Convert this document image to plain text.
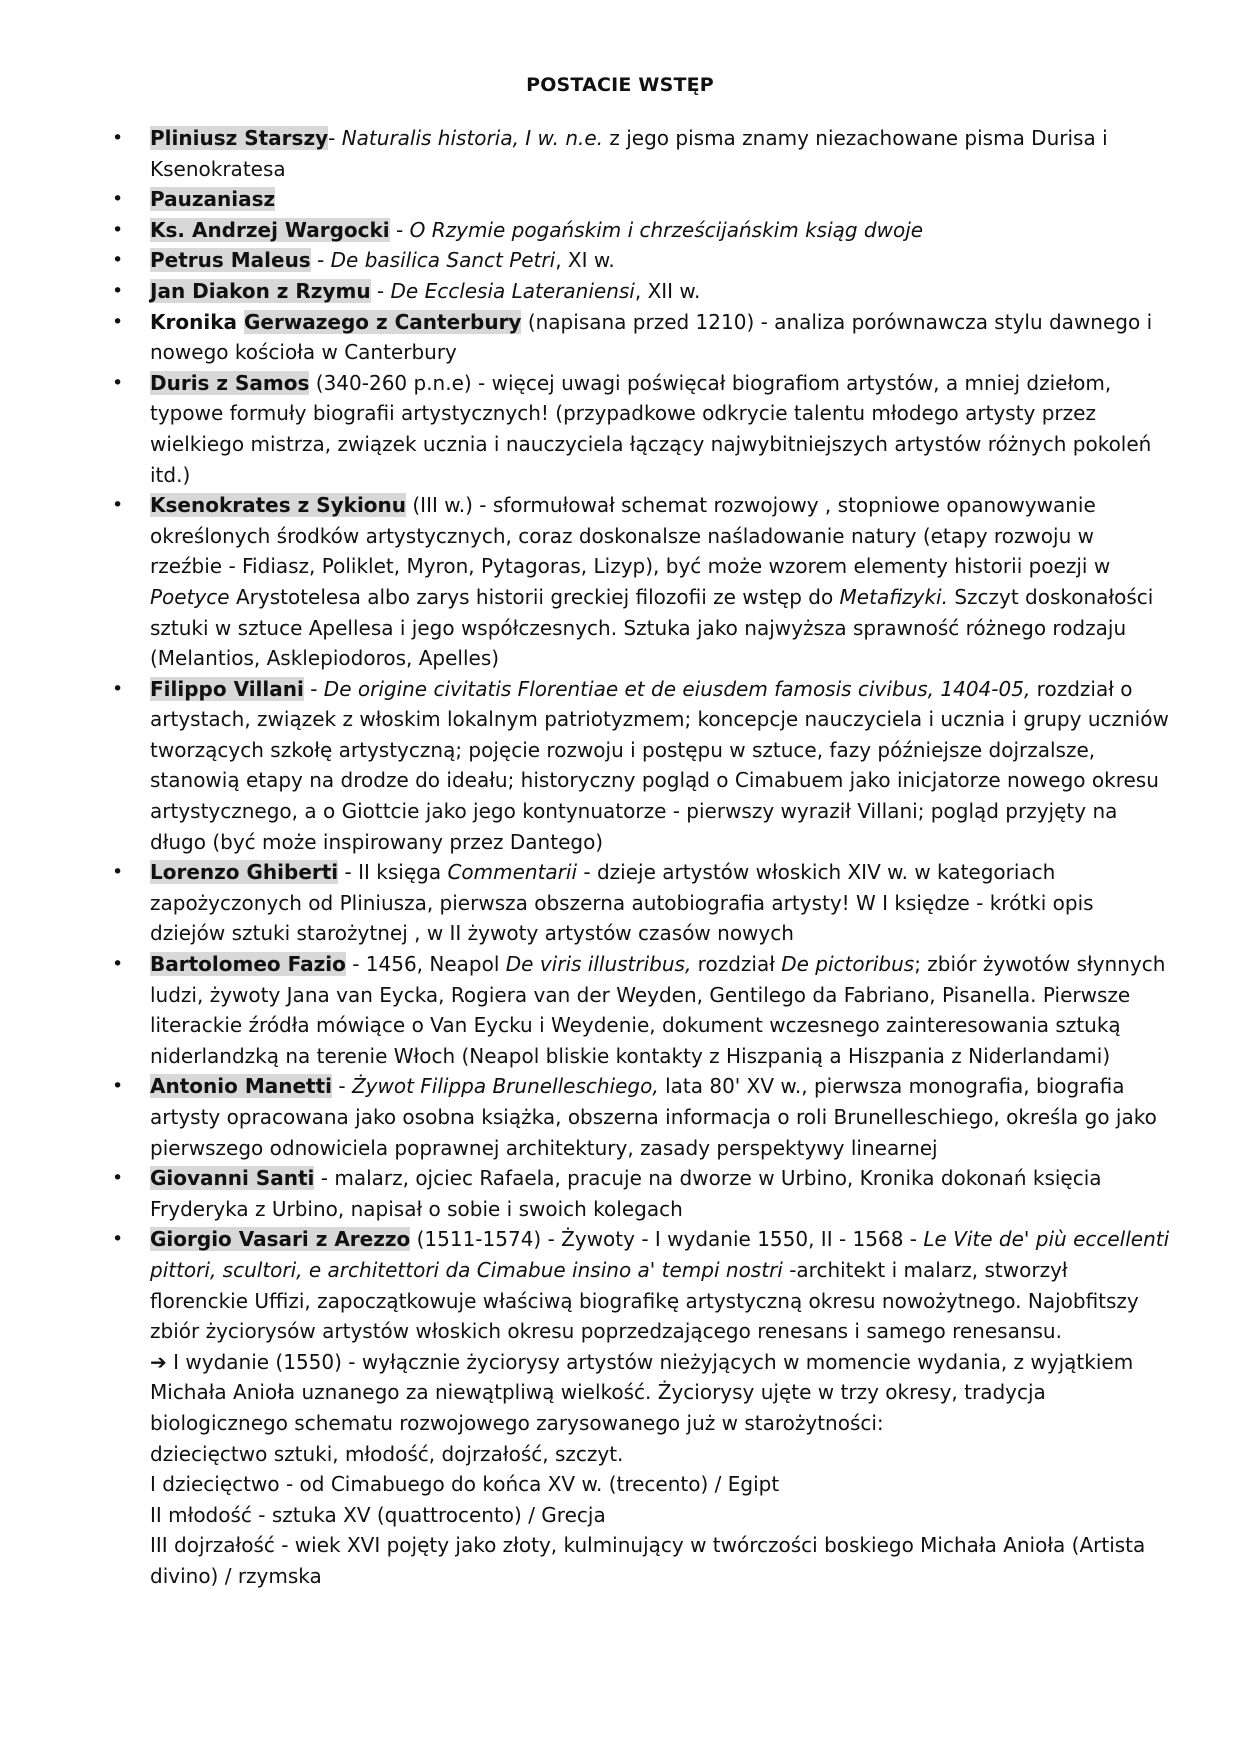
POSTACIE WSTĘP
• Pliniusz Starszy- Naturalis historia, I w. n.e. z jego pisma znamy niezachowane pisma Durisa i Ksenokratesa
• Pauzaniasz
• Ks. Andrzej Wargocki - O Rzymie pogańskim i chrześcijańskim ksiąg dwoje
• Petrus Maleus - De basilica Sanct Petri, XI w.
• Jan Diakon z Rzymu - De Ecclesia Lateraniensi, XII w.
• Kronika Gerwazego z Canterbury (napisana przed 1210) - analiza porównawcza stylu dawnego i nowego kościoła w Canterbury
• Duris z Samos (340-260 p.n.e) - więcej uwagi poświęcał biografiom artystów, a mniej dziełom, typowe formuły biografii artystycznych! (przypadkowe odkrycie talentu młodego artysty przez wielkiego mistrza, związek ucznia i nauczyciela łączący najwybitniejszych artystów różnych pokoleń itd.)
• Ksenokrates z Sykionu (III w.) - sformułował schemat rozwojowy , stopniowe opanowywanie określonych środków artystycznych, coraz doskonalsze naśladowanie natury (etapy rozwoju w rzeźbie - Fidiasz, Poliklet, Myron, Pytagoras, Lizyp), być może wzorem elementy historii poezji w Poetyce Arystotelesa albo zarys historii greckiej filozofii ze wstęp do Metafizyki. Szczyt doskonałości sztuki w sztuce Apellesa i jego współczesnych. Sztuka jako najwyższa sprawność różnego rodzaju (Melantios, Asklepiodoros, Apelles)
• Filippo Villani - De origine civitatis Florentiae et de eiusdem famosis civibus, 1404-05, rozdział o artystach, związek z włoskim lokalnym patriotyzmem; koncepcje nauczyciela i ucznia i grupy uczniów tworzących szkołę artystyczną; pojęcie rozwoju i postępu w sztuce, fazy późniejsze dojrzalsze, stanowią etapy na drodze do ideału; historyczny pogląd o Cimabuem jako inicjatorze nowego okresu artystycznego, a o Giottcie jako jego kontynuatorze - pierwszy wyraził Villani; pogląd przyjęty na długo (być może inspirowany przez Dantego)
• Lorenzo Ghiberti - II księga Commentarii - dzieje artystów włoskich XIV w. w kategoriach zapożyczonych od Pliniusza, pierwsza obszerna autobiografia artysty! W I księdze - krótki opis dziejów sztuki starożytnej , w II żywoty artystów czasów nowych
• Bartolomeo Fazio - 1456, Neapol De viris illustribus, rozdział De pictoribus; zbiór żywotów słynnych ludzi, żywoty Jana van Eycka, Rogiera van der Weyden, Gentilego da Fabriano, Pisanella. Pierwsze literackie źródła mówiące o Van Eycku i Weydenie, dokument wczesnego zainteresowania sztuką niderlandzką na terenie Włoch (Neapol bliskie kontakty z Hiszpanią a Hiszpania z Niderlandami)
• Antonio Manetti - Żywot Filippa Brunelleschiego, lata 80' XV w., pierwsza monografia, biografia artysty opracowana jako osobna książka, obszerna informacja o roli Brunelleschiego, określa go jako pierwszego odnowiciela poprawnej architektury, zasady perspektywy linearnej
• Giovanni Santi - malarz, ojciec Rafaela, pracuje na dworze w Urbino, Kronika dokonań księcia Fryderyka z Urbino, napisał o sobie i swoich kolegach
• Giorgio Vasari z Arezzo (1511-1574) - Żywoty - I wydanie 1550, II - 1568 - Le Vite de' più eccellenti pittori, scultori, e architettori da Cimabue insino a' tempi nostri -architekt i malarz, stworzył florenckie Uffizi, zapoczątkowuje właściwą biografikę artystyczną okresu nowożytnego. Najobfitszy zbiór życiorysów artystów włoskich okresu poprzedzającego renesans i samego renesansu.
➔ I wydanie (1550) - wyłącznie życiorysy artystów nieżyjących w momencie wydania, z wyjątkiem Michała Anioła uznanego za niewątpliwą wielkość. Życiorysy ujęte w trzy okresy, tradycja biologicznego schematu rozwojowego zarysowanego już w starożytności:
dziecięctwo sztuki, młodość, dojrzałość, szczyt.
I dziecięctwo - od Cimabuego do końca XV w. (trecento) / Egipt
II młodość - sztuka XV (quattrocento) / Grecja
III dojrzałość - wiek XVI pojęty jako złoty, kulminujący w twórczości boskiego Michała Anioła (Artista divino) / rzymska
